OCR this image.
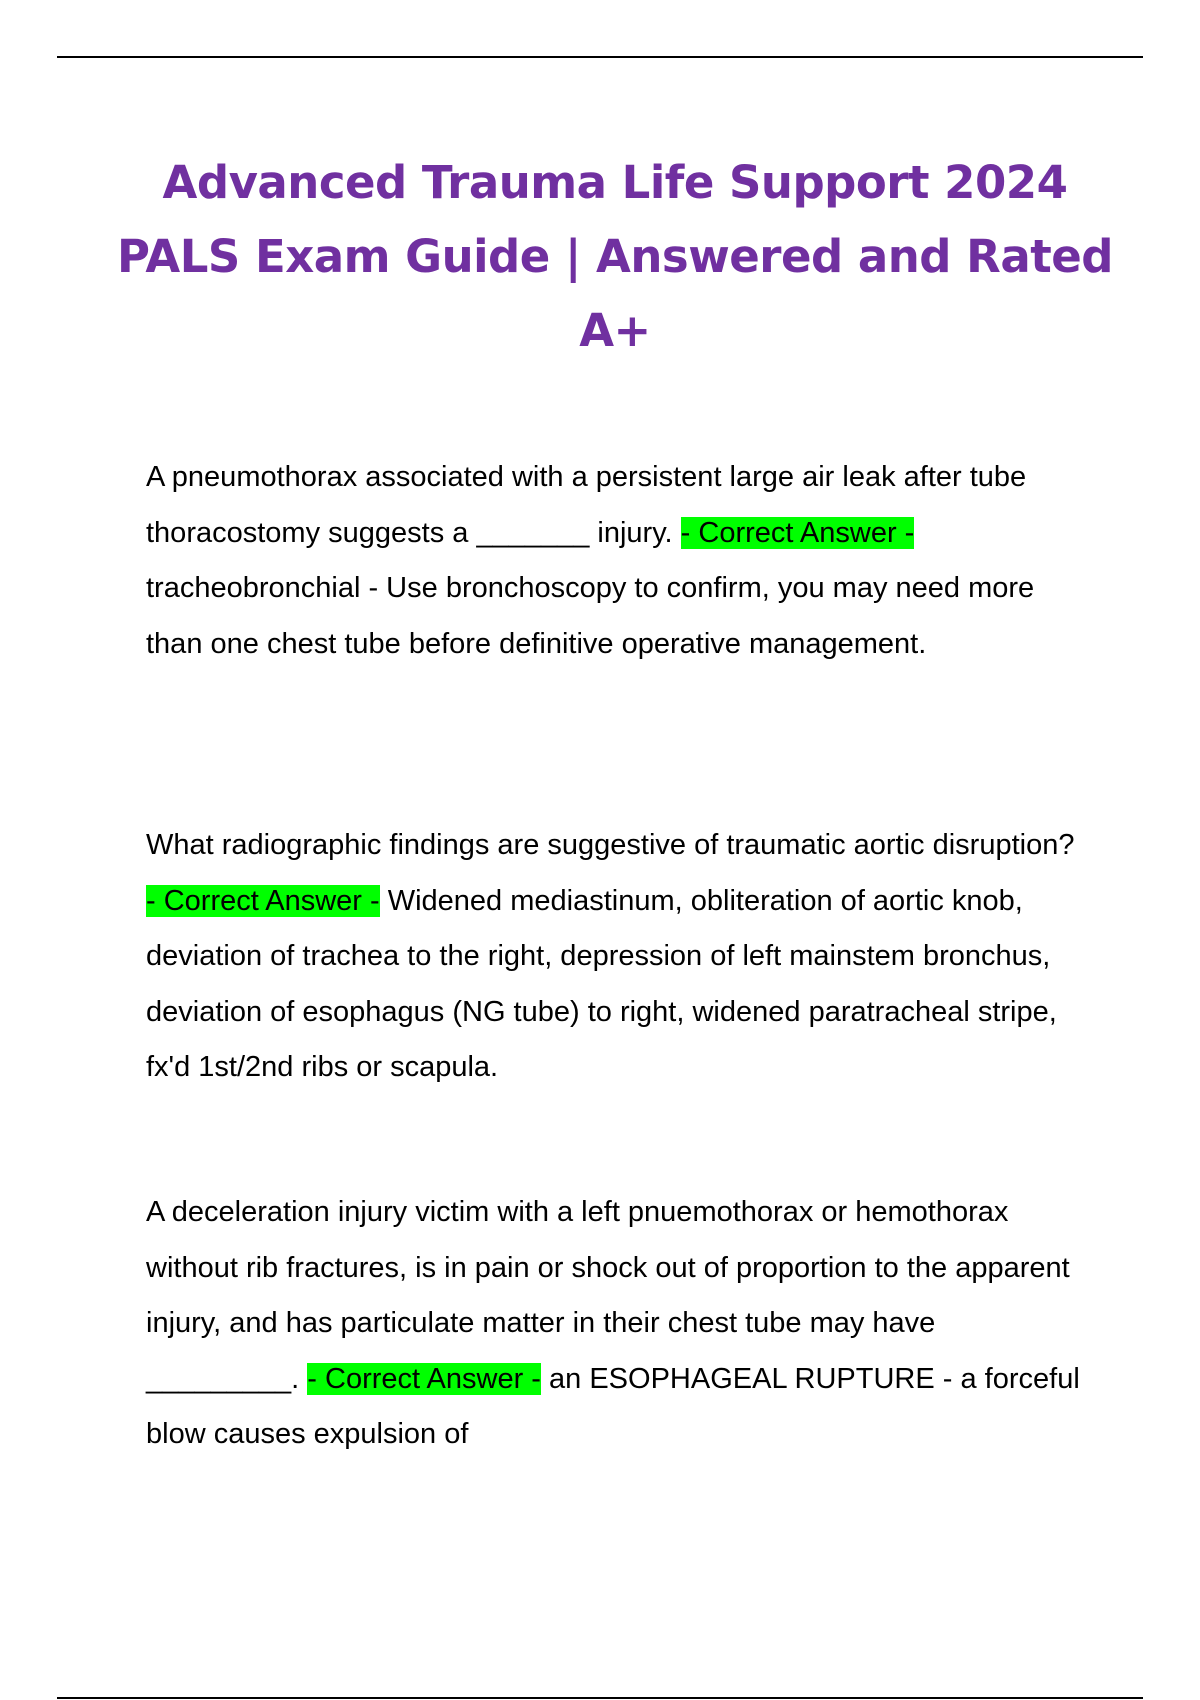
Advanced Trauma Life Support 2024
PALS Exam Guide | Answered and Rated
A+

A pneumothorax associated with a persistent large air leak after tube thoracostomy suggests a _______ injury. - Correct Answer - tracheobronchial - Use bronchoscopy to confirm, you may need more than one chest tube before definitive operative management.

What radiographic findings are suggestive of traumatic aortic disruption? - Correct Answer - Widened mediastinum, obliteration of aortic knob, deviation of trachea to the right, depression of left mainstem bronchus, deviation of esophagus (NG tube) to right, widened paratracheal stripe, fx'd 1st/2nd ribs or scapula.

A deceleration injury victim with a left pnuemothorax or hemothorax without rib fractures, is in pain or shock out of proportion to the apparent injury, and has particulate matter in their chest tube may have _________. - Correct Answer - an ESOPHAGEAL RUPTURE - a forceful blow causes expulsion of
